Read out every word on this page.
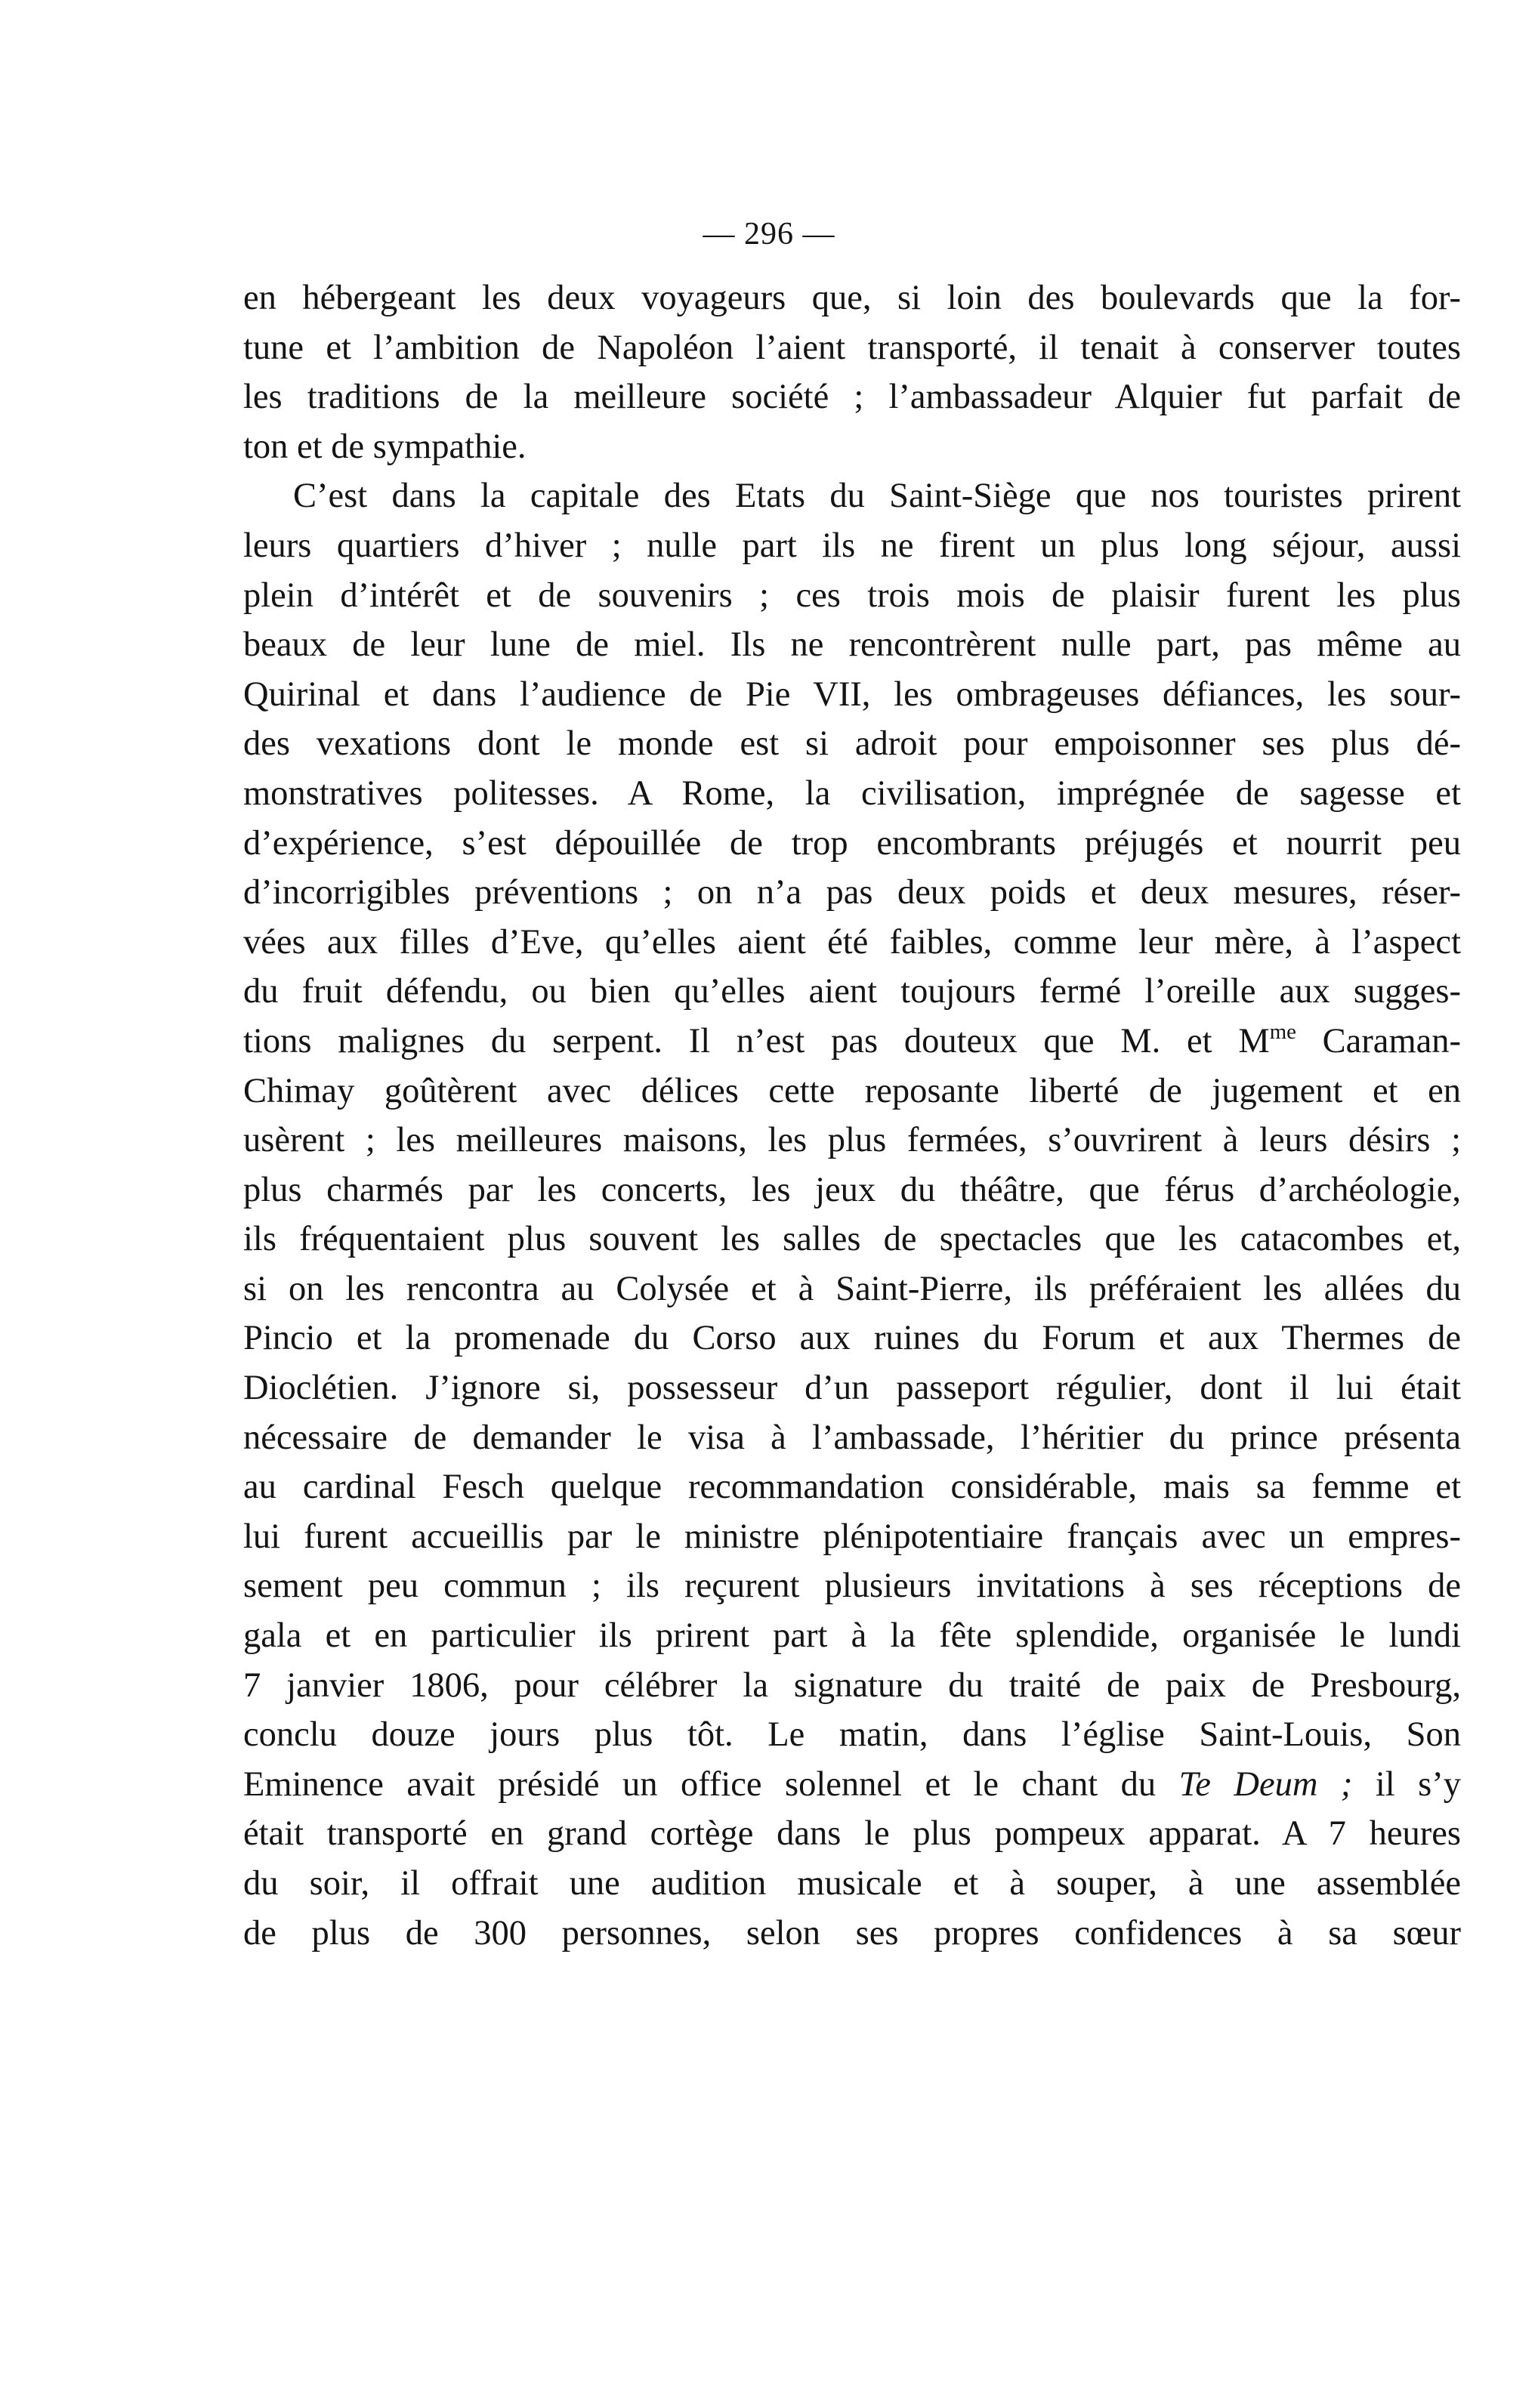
— 296 —
en hébergeant les deux voyageurs que, si loin des boulevards que la for-
tune et l’ambition de Napoléon l’aient transporté, il tenait à conserver toutes
les traditions de la meilleure société ; l’ambassadeur Alquier fut parfait de
ton et de sympathie.
C’est dans la capitale des Etats du Saint-Siège que nos touristes prirent
leurs quartiers d’hiver ; nulle part ils ne firent un plus long séjour, aussi
plein d’intérêt et de souvenirs ; ces trois mois de plaisir furent les plus
beaux de leur lune de miel. Ils ne rencontrèrent nulle part, pas même au
Quirinal et dans l’audience de Pie VII, les ombrageuses défiances, les sour-
des vexations dont le monde est si adroit pour empoisonner ses plus dé-
monstratives politesses. A Rome, la civilisation, imprégnée de sagesse et
d’expérience, s’est dépouillée de trop encombrants préjugés et nourrit peu
d’incorrigibles préventions ; on n’a pas deux poids et deux mesures, réser-
vées aux filles d’Eve, qu’elles aient été faibles, comme leur mère, à l’aspect
du fruit défendu, ou bien qu’elles aient toujours fermé l’oreille aux sugges-
tions malignes du serpent. Il n’est pas douteux que M. et $M^{me}$ Caraman-
Chimay goûtèrent avec délices cette reposante liberté de jugement et en
usèrent ; les meilleures maisons, les plus fermées, s’ouvrirent à leurs désirs ;
plus charmés par les concerts, les jeux du théâtre, que férus d’archéologie,
ils fréquentaient plus souvent les salles de spectacles que les catacombes et,
si on les rencontra au Colysée et à Saint-Pierre, ils préféraient les allées du
Pincio et la promenade du Corso aux ruines du Forum et aux Thermes de
Dioclétien. J’ignore si, possesseur d’un passeport régulier, dont il lui était
nécessaire de demander le visa à l’ambassade, l’héritier du prince présenta
au cardinal Fesch quelque recommandation considérable, mais sa femme et
lui furent accueillis par le ministre plénipotentiaire français avec un empres-
sement peu commun ; ils reçurent plusieurs invitations à ses réceptions de
gala et en particulier ils prirent part à la fête splendide, organisée le lundi
7 janvier 1806, pour célébrer la signature du traité de paix de Presbourg,
conclu douze jours plus tôt. Le matin, dans l’église Saint-Louis, Son
Eminence avait présidé un office solennel et le chant du Te Deum ; il s’y
était transporté en grand cortège dans le plus pompeux apparat. A 7 heures
du soir, il offrait une audition musicale et à souper, à une assemblée
de plus de 300 personnes, selon ses propres confidences à sa sœur
